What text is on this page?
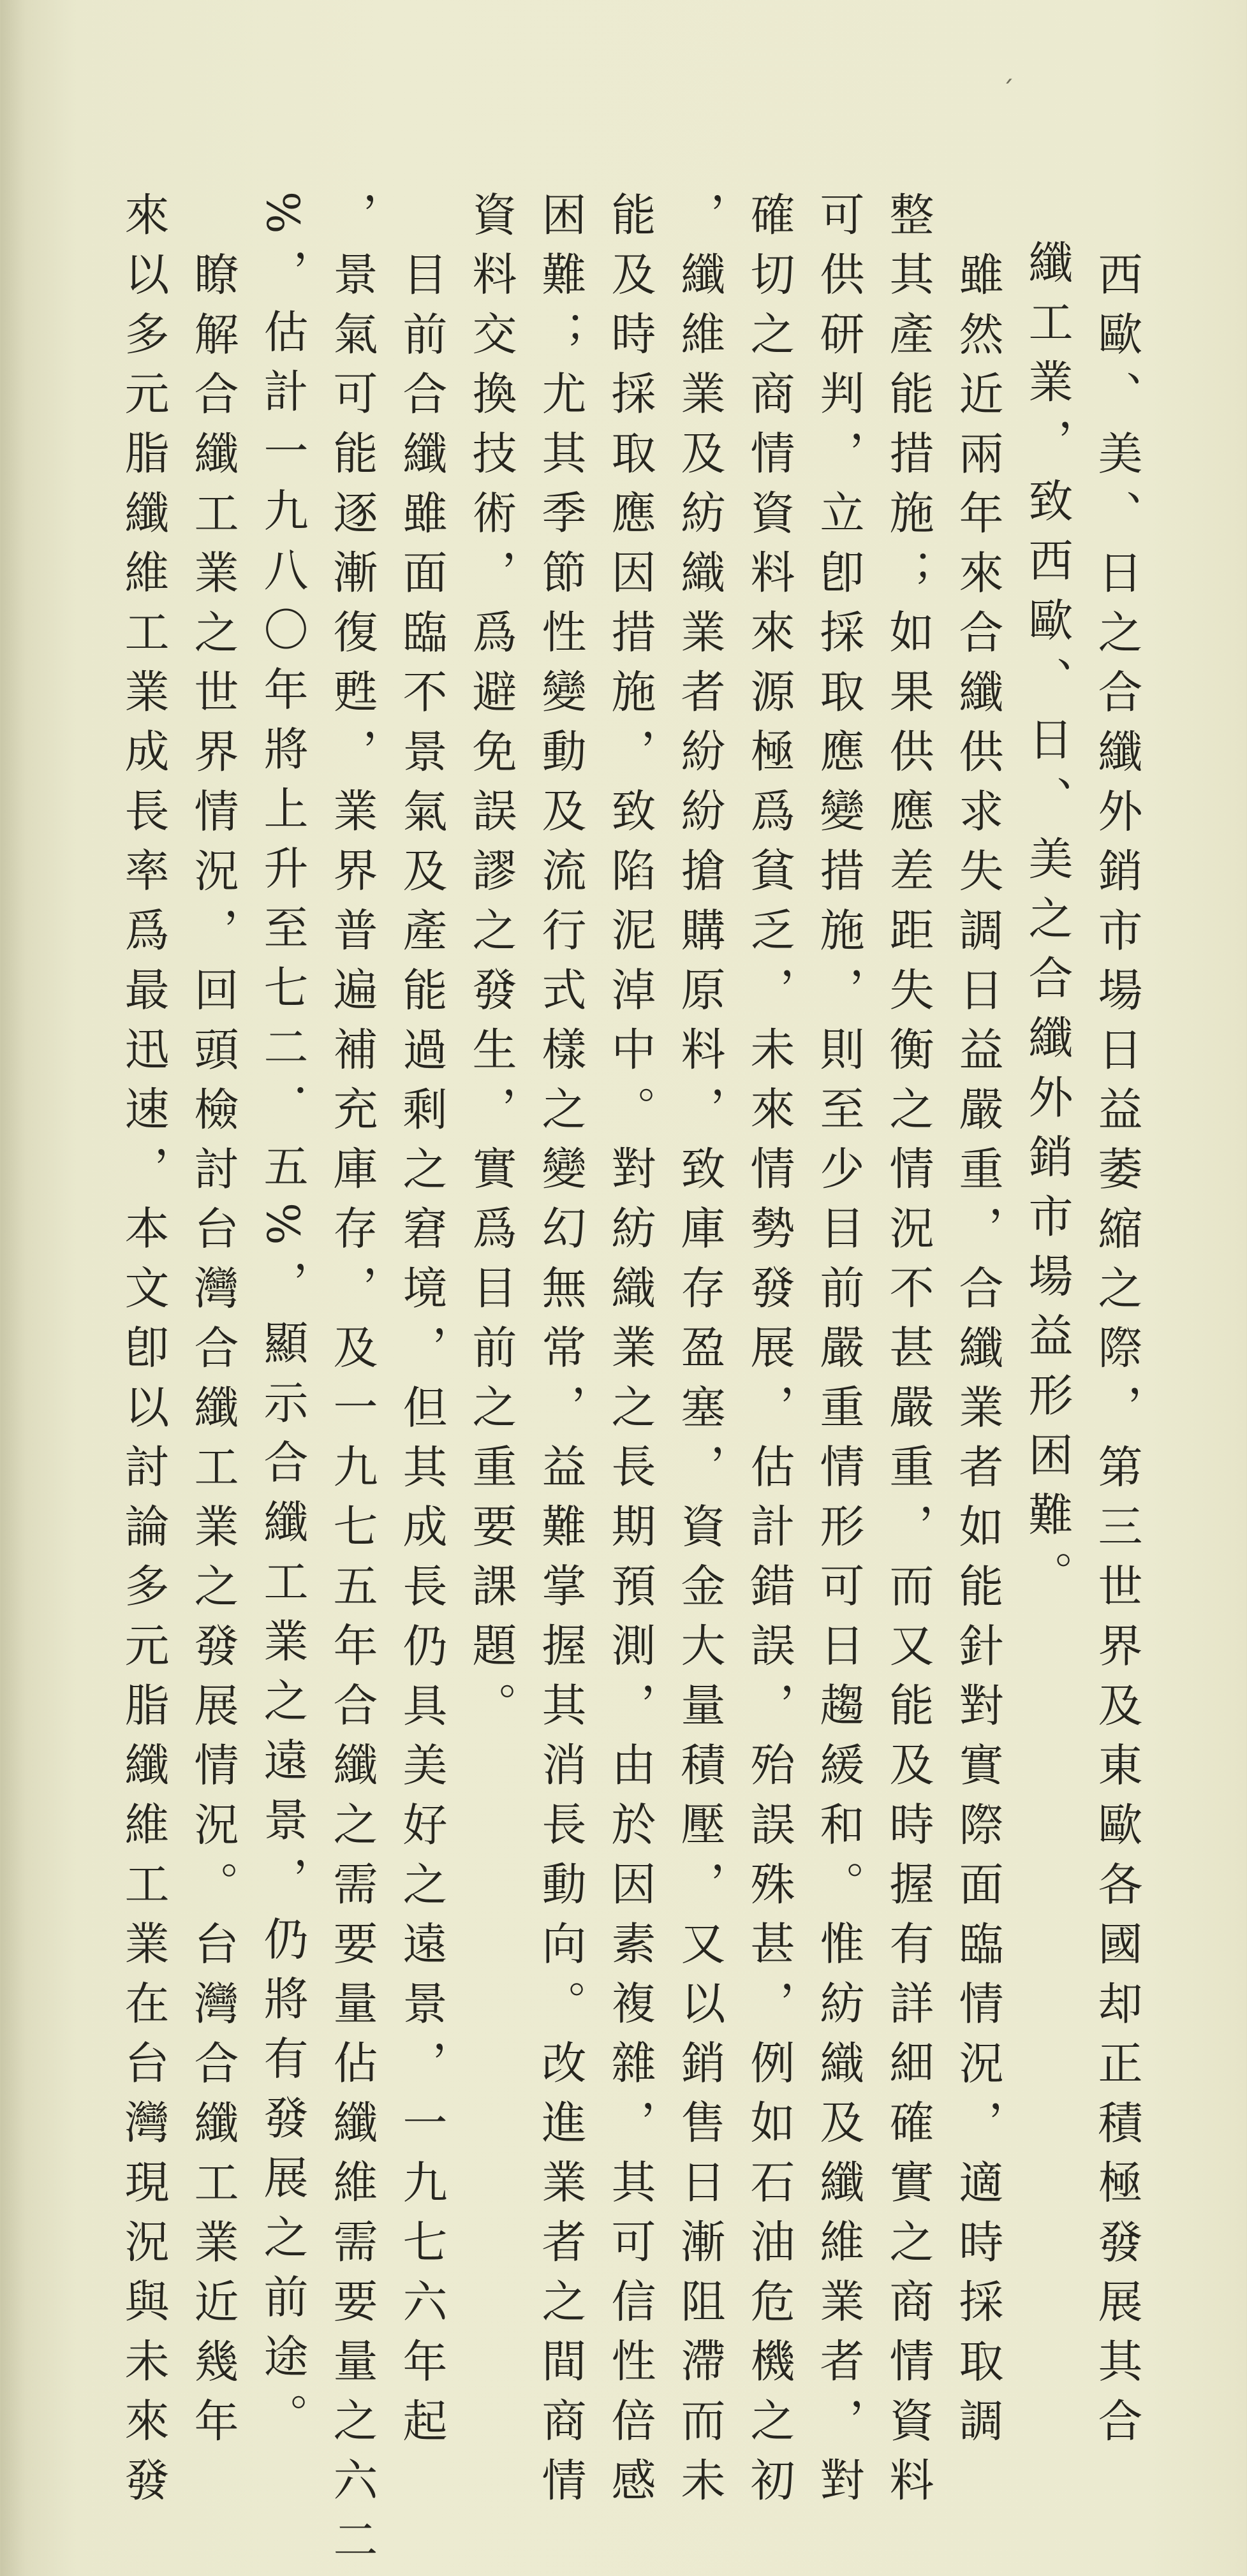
ˊ
西歐、美、日之合纖外銷市場日益萎縮之際，第三世界及東歐各國却正積極發展其合
纖工業，致西歐、日、美之合纖外銷市場益形困難。
雖然近兩年來合纖供求失調日益嚴重，合纖業者如能針對實際面臨情況，適時採取調
整其產能措施；如果供應差距失衡之情況不甚嚴重，而又能及時握有詳細確實之商情資料
可供研判，立卽採取應變措施，則至少目前嚴重情形可日趨緩和。惟紡織及纖維業者，對
確切之商情資料來源極爲貧乏，未來情勢發展，估計錯誤，殆誤殊甚，例如石油危機之初
，纖維業及紡織業者紛紛搶購原料，致庫存盈塞，資金大量積壓，又以銷售日漸阻滯而未
能及時採取應因措施，致陷泥淖中。對紡織業之長期預測，由於因素複雜，其可信性倍感
困難；尤其季節性變動及流行式樣之變幻無常，益難掌握其消長動向。改進業者之間商情
資料交換技術，爲避免誤謬之發生，實爲目前之重要課題。
目前合纖雖面臨不景氣及產能過剩之窘境，但其成長仍具美好之遠景，一九七六年起
，景氣可能逐漸復甦，業界普遍補充庫存，及一九七五年合纖之需要量佔纖維需要量之六二
%，估計一九八〇年將上升至七二．五%，顯示合纖工業之遠景，仍將有發展之前途。
瞭解合纖工業之世界情況，回頭檢討台灣合纖工業之發展情況。台灣合纖工業近幾年
來以多元脂纖維工業成長率爲最迅速，本文卽以討論多元脂纖維工業在台灣現況與未來發
